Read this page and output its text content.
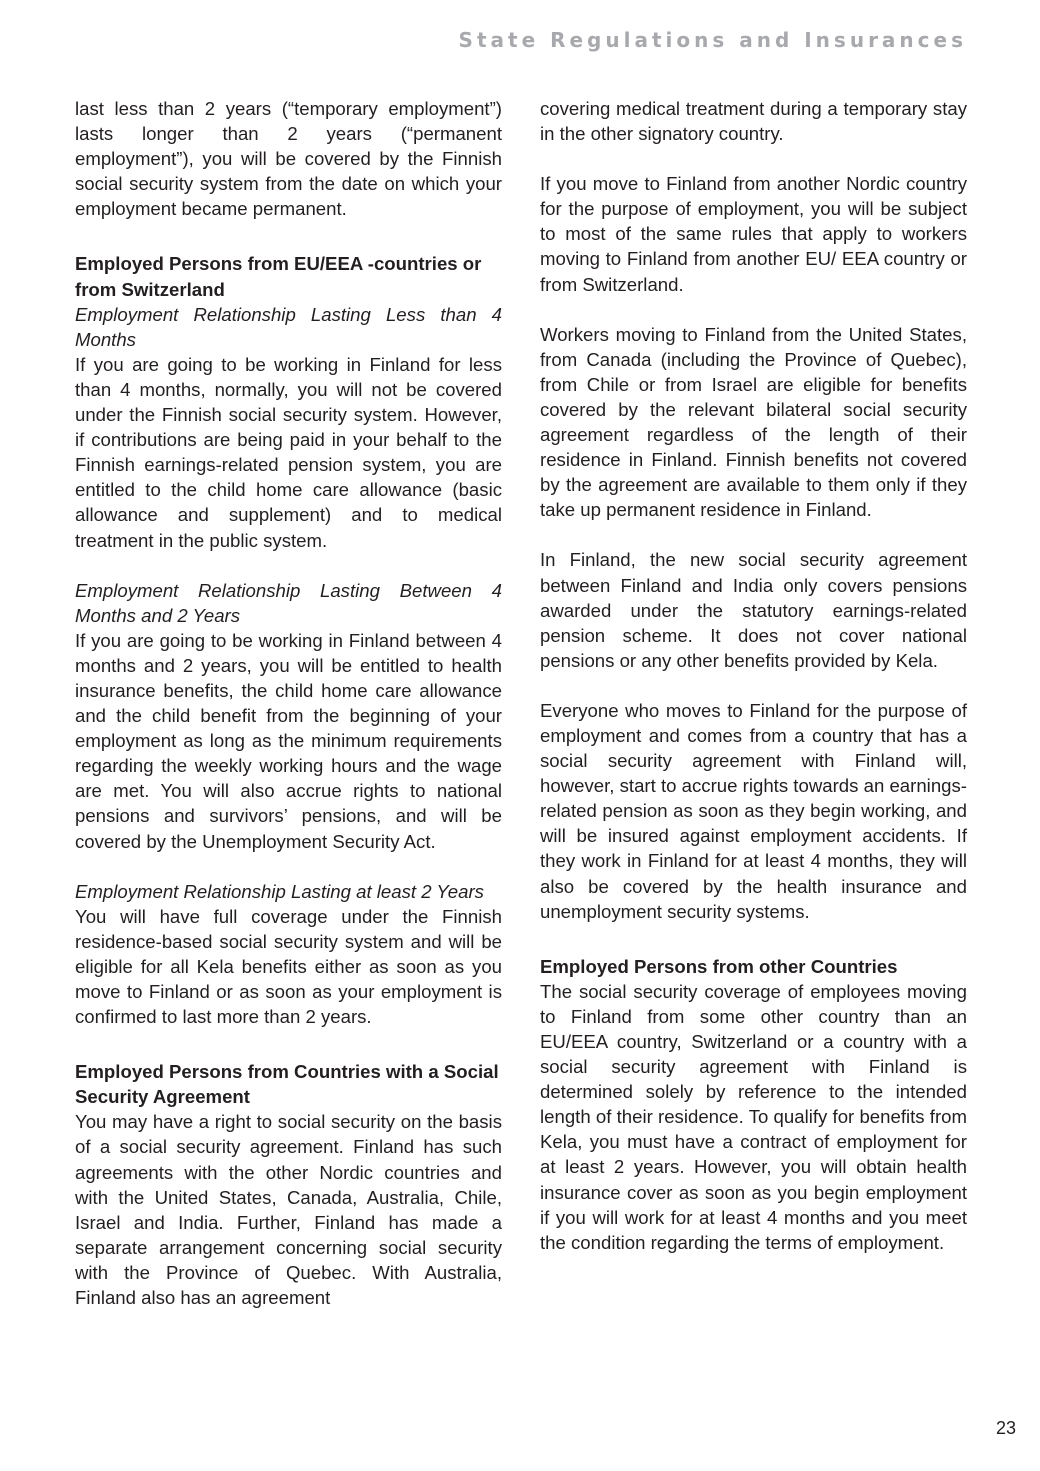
State Regulations and Insurances

last less than 2 years (“temporary employment”) lasts longer than 2 years (“permanent employment”), you will be covered by the Finnish social security system from the date on which your employment became permanent.

Employed Persons from EU/EEA -countries or from Switzerland

Employment Relationship Lasting Less than 4 Months

If you are going to be working in Finland for less than 4 months, normally, you will not be covered under the Finnish social security system. However, if contributions are being paid in your behalf to the Finnish earnings-related pension system, you are entitled to the child home care allowance (basic allowance and supplement) and to medical treatment in the public system.

Employment Relationship Lasting Between 4 Months and 2 Years

If you are going to be working in Finland between 4 months and 2 years, you will be entitled to health insurance benefits, the child home care allowance and the child benefit from the beginning of your employment as long as the minimum requirements regarding the weekly working hours and the wage are met. You will also accrue rights to national pensions and survivors’ pensions, and will be covered by the Unemployment Security Act.

Employment Relationship Lasting at least 2 Years

You will have full coverage under the Finnish residence-based social security system and will be eligible for all Kela benefits either as soon as you move to Finland or as soon as your employment is confirmed to last more than 2 years.

Employed Persons from Countries with a Social Security Agreement

You may have a right to social security on the basis of a social security agreement. Finland has such agreements with the other Nordic countries and with the United States, Canada, Australia, Chile, Israel and India. Further, Finland has made a separate arrangement concerning social security with the Province of Quebec. With Australia, Finland also has an agreement

covering medical treatment during a temporary stay in the other signatory country.

If you move to Finland from another Nordic country for the purpose of employment, you will be subject to most of the same rules that apply to workers moving to Finland from another EU/ EEA country or from Switzerland.

Workers moving to Finland from the United States, from Canada (including the Province of Quebec), from Chile or from Israel are eligible for benefits covered by the relevant bilateral social security agreement regardless of the length of their residence in Finland. Finnish benefits not covered by the agreement are available to them only if they take up permanent residence in Finland.

In Finland, the new social security agreement between Finland and India only covers pensions awarded under the statutory earnings-related pension scheme. It does not cover national pensions or any other benefits provided by Kela.

Everyone who moves to Finland for the purpose of employment and comes from a country that has a social security agreement with Finland will, however, start to accrue rights towards an earnings-related pension as soon as they begin working, and will be insured against employment accidents. If they work in Finland for at least 4 months, they will also be covered by the health insurance and unemployment security systems.

Employed Persons from other Countries

The social security coverage of employees moving to Finland from some other country than an EU/EEA country, Switzerland or a country with a social security agreement with Finland is determined solely by reference to the intended length of their residence. To qualify for benefits from Kela, you must have a contract of employment for at least 2 years. However, you will obtain health insurance cover as soon as you begin employment if you will work for at least 4 months and you meet the condition regarding the terms of employment.

23
